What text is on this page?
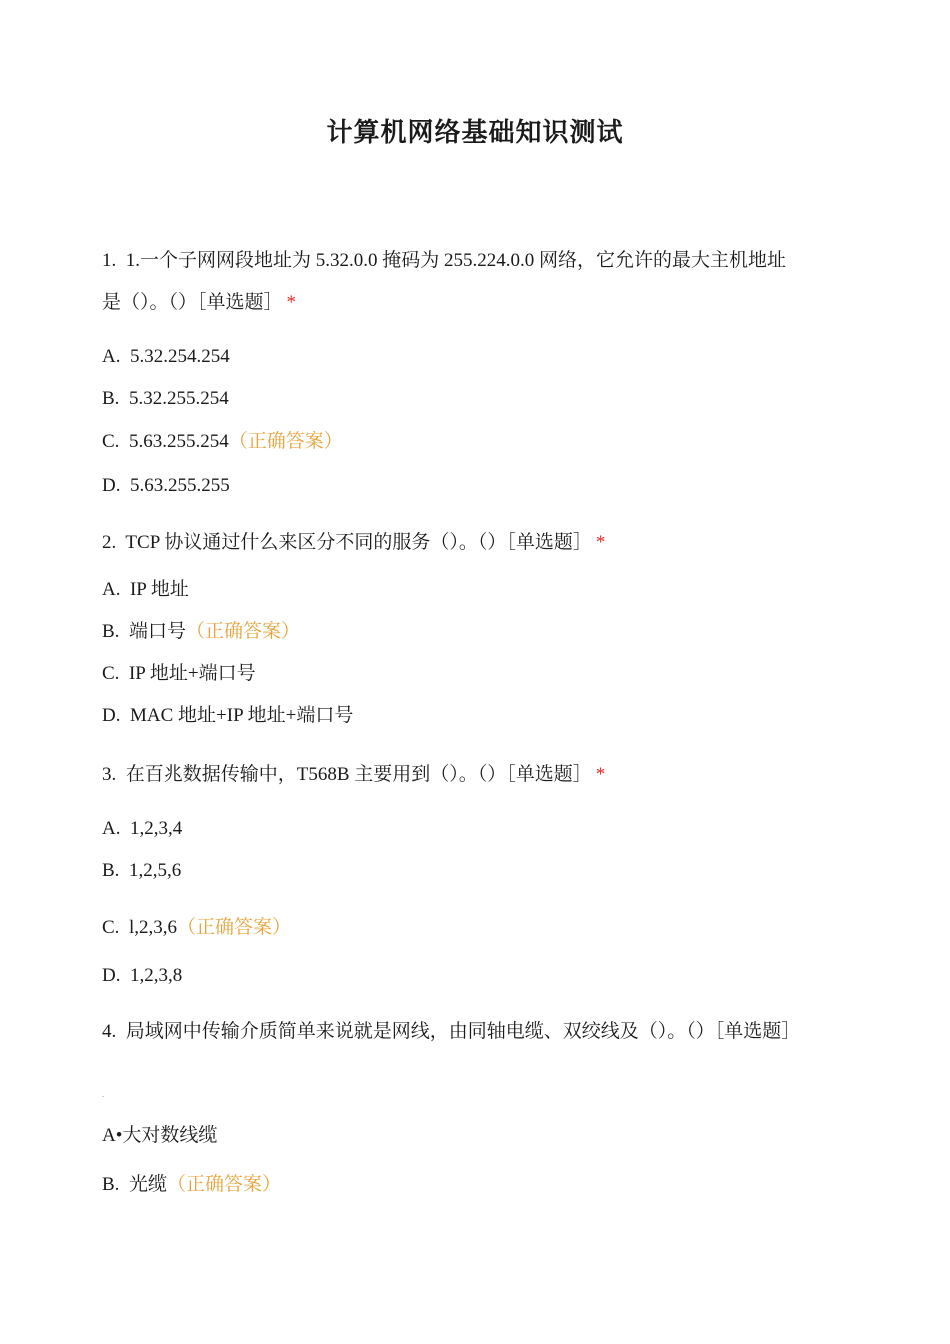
计算机网络基础知识测试
1. 1.一个子网网段地址为 5.32.0.0 掩码为 255.224.0.0 网络，它允许的最大主机地址
是（）。（）［单选题］ *
A. 5.32.254.254
B. 5.32.255.254
C. 5.63.255.254（正确答案）
D. 5.63.255.255
2. TCP 协议通过什么来区分不同的服务（）。（）［单选题］ *
A. IP 地址
B. 端口号（正确答案）
C. IP 地址+端口号
D. MAC 地址+IP 地址+端口号
3. 在百兆数据传输中，T568B 主要用到（）。（）［单选题］ *
A. 1,2,3,4
B. 1,2,5,6
C. l,2,3,6（正确答案）
D. 1,2,3,8
4. 局域网中传输介质简单来说就是网线，由同轴电缆、双绞线及（）。（）［单选题］
.
A•大对数线缆
B. 光缆（正确答案）
